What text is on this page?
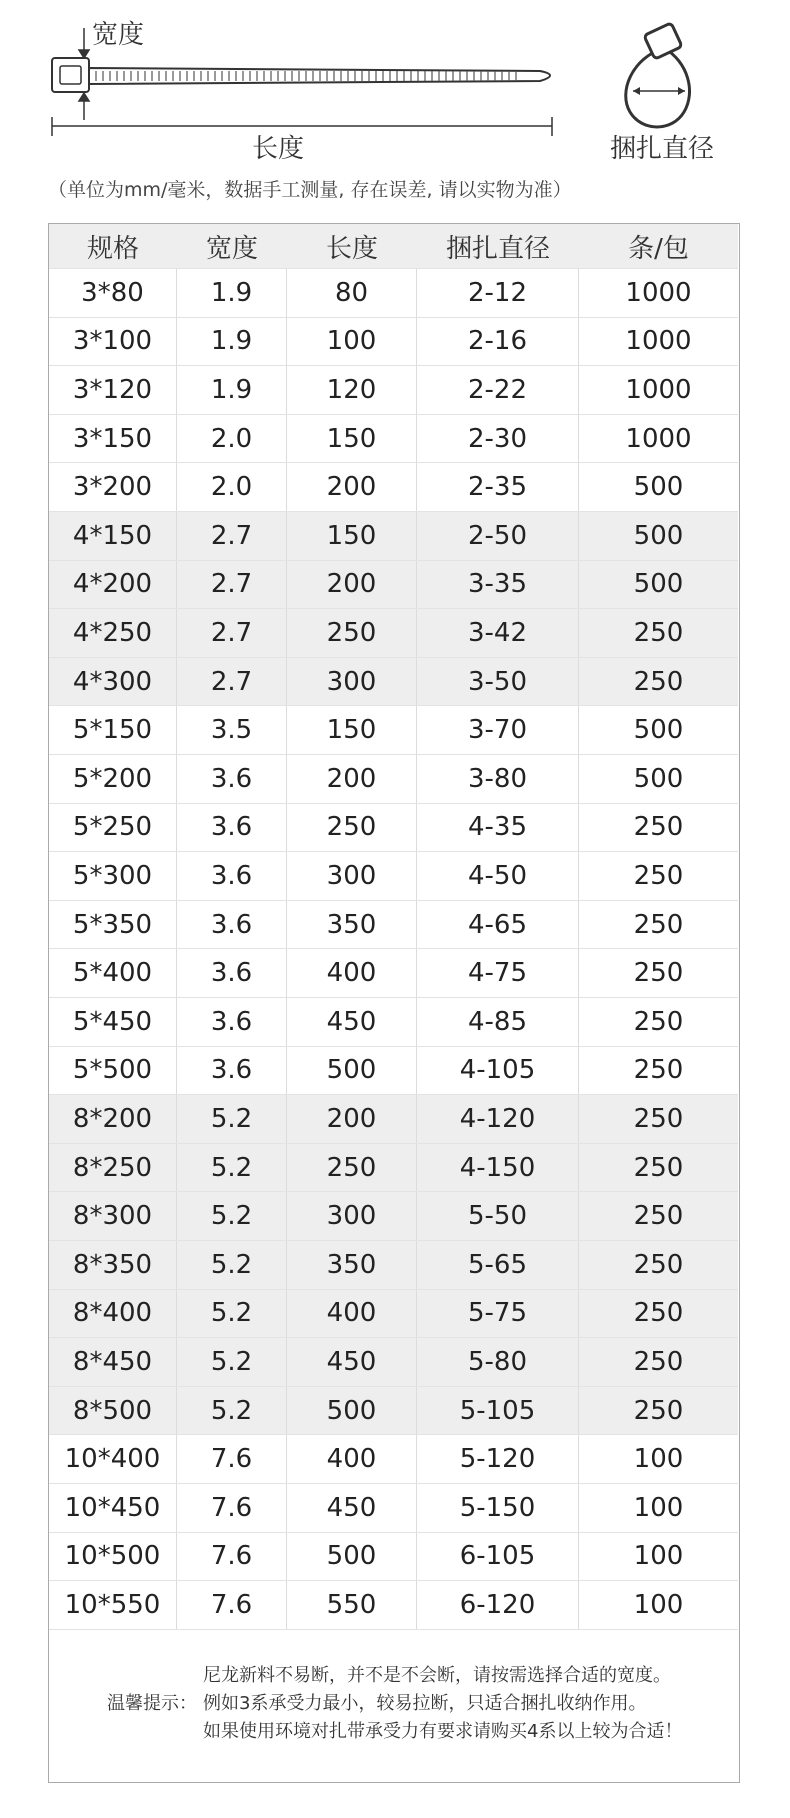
宽度
长度	捆扎直径
（单位为mm/毫米，数据手工测量, 存在误差, 请以实物为准）
规格	宽度	长度	捆扎直径	条/包
3*80	1.9	80	2-12	1000
3*100	1.9	100	2-16	1000
3*120	1.9	120	2-22	1000
3*150	2.0	150	2-30	1000
3*200	2.0	200	2-35	500
4*150	2.7	150	2-50	500
4*200	2.7	200	3-35	500
4*250	2.7	250	3-42	250
4*300	2.7	300	3-50	250
5*150	3.5	150	3-70	500
5*200	3.6	200	3-80	500
5*250	3.6	250	4-35	250
5*300	3.6	300	4-50	250
5*350	3.6	350	4-65	250
5*400	3.6	400	4-75	250
5*450	3.6	450	4-85	250
5*500	3.6	500	4-105	250
8*200	5.2	200	4-120	250
8*250	5.2	250	4-150	250
8*300	5.2	300	5-50	250
8*350	5.2	350	5-65	250
8*400	5.2	400	5-75	250
8*450	5.2	450	5-80	250
8*500	5.2	500	5-105	250
10*400	7.6	400	5-120	100
10*450	7.6	450	5-150	100
10*500	7.6	500	6-105	100
10*550	7.6	550	6-120	100
温馨提示：
尼龙新料不易断，并不是不会断，请按需选择合适的宽度。
例如3系承受力最小，较易拉断，只适合捆扎收纳作用。
如果使用环境对扎带承受力有要求请购买4系以上较为合适！
